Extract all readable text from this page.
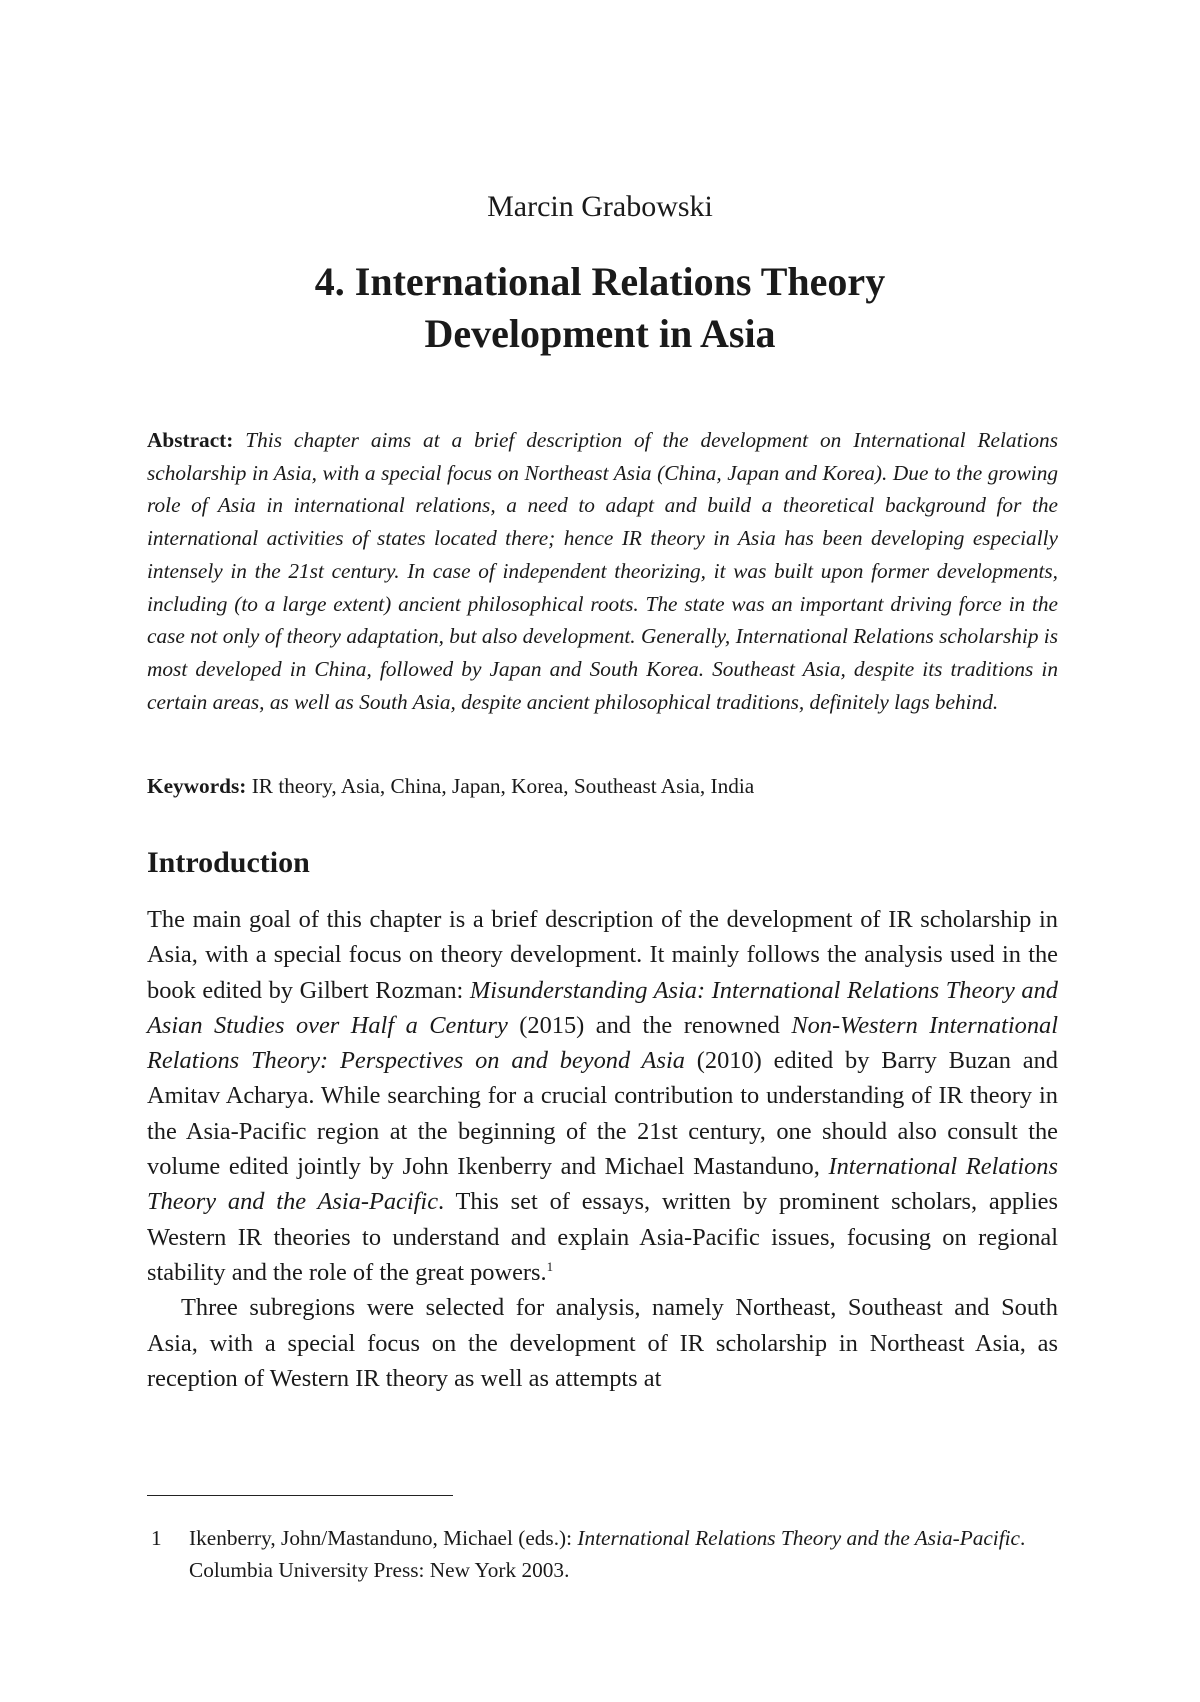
Marcin Grabowski
4. International Relations Theory
Development in Asia

Abstract: This chapter aims at a brief description of the development on International Relations scholarship in Asia, with a special focus on Northeast Asia (China, Japan and Korea). Due to the growing role of Asia in international relations, a need to adapt and build a theoretical background for the international activities of states located there; hence IR theory in Asia has been developing especially intensely in the 21st century. In case of independent theorizing, it was built upon former developments, including (to a large extent) ancient philosophical roots. The state was an important driving force in the case not only of theory adaptation, but also development. Generally, International Relations scholarship is most developed in China, followed by Japan and South Korea. Southeast Asia, despite its traditions in certain areas, as well as South Asia, despite ancient philosophical traditions, definitely lags behind.

Keywords: IR theory, Asia, China, Japan, Korea, Southeast Asia, India

Introduction

The main goal of this chapter is a brief description of the development of IR scholarship in Asia, with a special focus on theory development. It mainly follows the analysis used in the book edited by Gilbert Rozman: Misunderstanding Asia: International Relations Theory and Asian Studies over Half a Century (2015) and the renowned Non-Western International Relations Theory: Perspectives on and beyond Asia (2010) edited by Barry Buzan and Amitav Acharya. While searching for a crucial contribution to understanding of IR theory in the Asia-Pacific region at the beginning of the 21st century, one should also consult the volume edited jointly by John Ikenberry and Michael Mastanduno, International Relations Theory and the Asia-Pacific. This set of essays, written by prominent scholars, applies Western IR theories to understand and explain Asia-Pacific issues, focusing on regional stability and the role of the great powers.$^1$

Three subregions were selected for analysis, namely Northeast, Southeast and South Asia, with a special focus on the development of IR scholarship in Northeast Asia, as reception of Western IR theory as well as attempts at

1 Ikenberry, John/Mastanduno, Michael (eds.): International Relations Theory and the Asia-Pacific. Columbia University Press: New York 2003.
